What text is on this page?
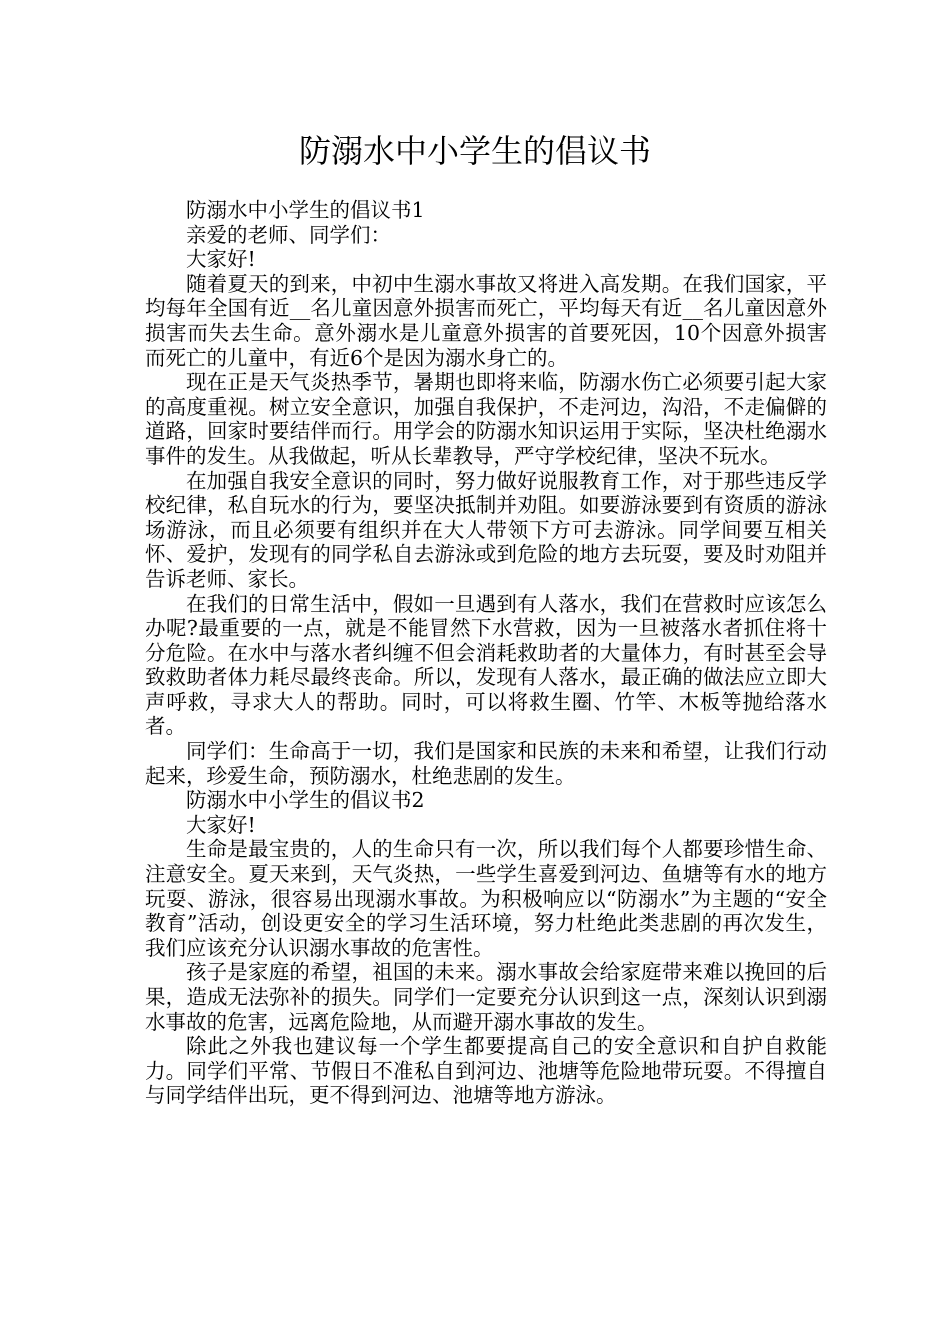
防溺水中小学生的倡议书

防溺水中小学生的倡议书1

亲爱的老师、同学们：

大家好!

随着夏天的到来，中初中生溺水事故又将进入高发期。在我们国家，平均每年全国有近__名儿童因意外损害而死亡，平均每天有近__名儿童因意外损害而失去生命。意外溺水是儿童意外损害的首要死因，10个因意外损害而死亡的儿童中，有近6个是因为溺水身亡的。

现在正是天气炎热季节，暑期也即将来临，防溺水伤亡必须要引起大家的高度重视。树立安全意识，加强自我保护，不走河边，沟沿，不走偏僻的道路，回家时要结伴而行。用学会的防溺水知识运用于实际，坚决杜绝溺水事件的发生。从我做起，听从长辈教导，严守学校纪律，坚决不玩水。

在加强自我安全意识的同时，努力做好说服教育工作，对于那些违反学校纪律，私自玩水的行为，要坚决抵制并劝阻。如要游泳要到有资质的游泳场游泳，而且必须要有组织并在大人带领下方可去游泳。同学间要互相关怀、爱护，发现有的同学私自去游泳或到危险的地方去玩耍，要及时劝阻并告诉老师、家长。

在我们的日常生活中，假如一旦遇到有人落水，我们在营救时应该怎么办呢?最重要的一点，就是不能冒然下水营救，因为一旦被落水者抓住将十分危险。在水中与落水者纠缠不但会消耗救助者的大量体力，有时甚至会导致救助者体力耗尽最终丧命。所以，发现有人落水，最正确的做法应立即大声呼救，寻求大人的帮助。同时，可以将救生圈、竹竿、木板等抛给落水者。

同学们：生命高于一切，我们是国家和民族的未来和希望，让我们行动起来，珍爱生命，预防溺水，杜绝悲剧的发生。

防溺水中小学生的倡议书2

大家好!

生命是最宝贵的，人的生命只有一次，所以我们每个人都要珍惜生命、注意安全。夏天来到，天气炎热，一些学生喜爱到河边、鱼塘等有水的地方玩耍、游泳，很容易出现溺水事故。为积极响应以“防溺水”为主题的“安全教育”活动，创设更安全的学习生活环境，努力杜绝此类悲剧的再次发生，我们应该充分认识溺水事故的危害性。

孩子是家庭的希望，祖国的未来。溺水事故会给家庭带来难以挽回的后果，造成无法弥补的损失。同学们一定要充分认识到这一点，深刻认识到溺水事故的危害，远离危险地，从而避开溺水事故的发生。

除此之外我也建议每一个学生都要提高自己的安全意识和自护自救能力。同学们平常、节假日不准私自到河边、池塘等危险地带玩耍。不得擅自与同学结伴出玩，更不得到河边、池塘等地方游泳。
